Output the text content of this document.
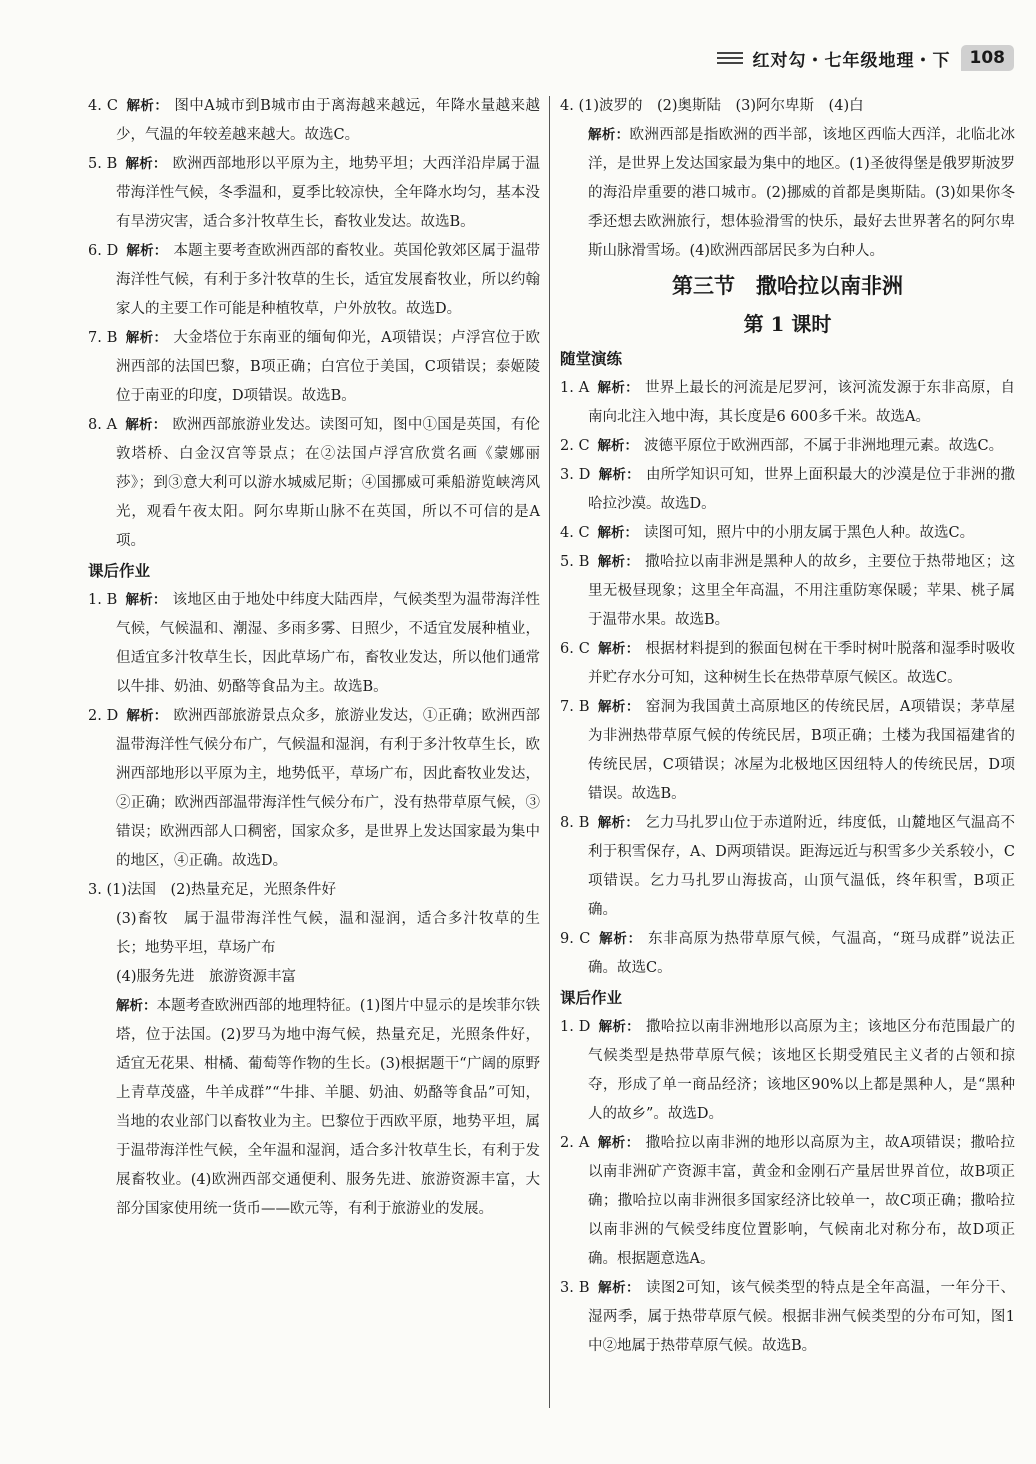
红对勾・七年级地理・下	108

4. C 解析： 图中A城市到B城市由于离海越来越远，年降水量越来越少，气温的年较差越来越大。故选C。

5. B 解析： 欧洲西部地形以平原为主，地势平坦；大西洋沿岸属于温带海洋性气候，冬季温和，夏季比较凉快，全年降水均匀，基本没有旱涝灾害，适合多汁牧草生长，畜牧业发达。故选B。

6. D 解析： 本题主要考查欧洲西部的畜牧业。英国伦敦郊区属于温带海洋性气候，有利于多汁牧草的生长，适宜发展畜牧业，所以约翰家人的主要工作可能是种植牧草，户外放牧。故选D。

7. B 解析： 大金塔位于东南亚的缅甸仰光，A项错误；卢浮宫位于欧洲西部的法国巴黎，B项正确；白宫位于美国，C项错误；泰姬陵位于南亚的印度，D项错误。故选B。

8. A 解析： 欧洲西部旅游业发达。读图可知，图中①国是英国，有伦敦塔桥、白金汉宫等景点；在②法国卢浮宫欣赏名画《蒙娜丽莎》；到③意大利可以游水城威尼斯；④国挪威可乘船游览峡湾风光，观看午夜太阳。阿尔卑斯山脉不在英国，所以不可信的是A项。

课后作业

1. B 解析： 该地区由于地处中纬度大陆西岸，气候类型为温带海洋性气候，气候温和、潮湿、多雨多雾、日照少，不适宜发展种植业，但适宜多汁牧草生长，因此草场广布，畜牧业发达，所以他们通常以牛排、奶油、奶酪等食品为主。故选B。

2. D 解析： 欧洲西部旅游景点众多，旅游业发达，①正确；欧洲西部温带海洋性气候分布广，气候温和湿润，有利于多汁牧草生长，欧洲西部地形以平原为主，地势低平，草场广布，因此畜牧业发达，②正确；欧洲西部温带海洋性气候分布广，没有热带草原气候，③错误；欧洲西部人口稠密，国家众多，是世界上发达国家最为集中的地区，④正确。故选D。

3. (1)法国　(2)热量充足，光照条件好

(3)畜牧　属于温带海洋性气候，温和湿润，适合多汁牧草的生长；地势平坦，草场广布

(4)服务先进　旅游资源丰富

解析：本题考查欧洲西部的地理特征。(1)图片中显示的是埃菲尔铁塔，位于法国。(2)罗马为地中海气候，热量充足，光照条件好，适宜无花果、柑橘、葡萄等作物的生长。(3)根据题干“广阔的原野上青草茂盛，牛羊成群”“牛排、羊腿、奶油、奶酪等食品”可知，当地的农业部门以畜牧业为主。巴黎位于西欧平原，地势平坦，属于温带海洋性气候，全年温和湿润，适合多汁牧草生长，有利于发展畜牧业。(4)欧洲西部交通便利、服务先进、旅游资源丰富，大部分国家使用统一货币——欧元等，有利于旅游业的发展。

4. (1)波罗的　(2)奥斯陆　(3)阿尔卑斯　(4)白

解析：欧洲西部是指欧洲的西半部，该地区西临大西洋，北临北冰洋，是世界上发达国家最为集中的地区。(1)圣彼得堡是俄罗斯波罗的海沿岸重要的港口城市。(2)挪威的首都是奥斯陆。(3)如果你冬季还想去欧洲旅行，想体验滑雪的快乐，最好去世界著名的阿尔卑斯山脉滑雪场。(4)欧洲西部居民多为白种人。

第三节　撒哈拉以南非洲

第 1 课时

随堂演练

1. A 解析： 世界上最长的河流是尼罗河，该河流发源于东非高原，自南向北注入地中海，其长度是6 600多千米。故选A。

2. C 解析： 波德平原位于欧洲西部，不属于非洲地理元素。故选C。

3. D 解析： 由所学知识可知，世界上面积最大的沙漠是位于非洲的撒哈拉沙漠。故选D。

4. C 解析： 读图可知，照片中的小朋友属于黑色人种。故选C。

5. B 解析： 撒哈拉以南非洲是黑种人的故乡，主要位于热带地区；这里无极昼现象；这里全年高温，不用注重防寒保暖；苹果、桃子属于温带水果。故选B。

6. C 解析： 根据材料提到的猴面包树在干季时树叶脱落和湿季时吸收并贮存水分可知，这种树生长在热带草原气候区。故选C。

7. B 解析： 窑洞为我国黄土高原地区的传统民居，A项错误；茅草屋为非洲热带草原气候的传统民居，B项正确；土楼为我国福建省的传统民居，C项错误；冰屋为北极地区因纽特人的传统民居，D项错误。故选B。

8. B 解析： 乞力马扎罗山位于赤道附近，纬度低，山麓地区气温高不利于积雪保存，A、D两项错误。距海远近与积雪多少关系较小，C项错误。乞力马扎罗山海拔高，山顶气温低，终年积雪，B项正确。

9. C 解析： 东非高原为热带草原气候，气温高，“斑马成群”说法正确。故选C。

课后作业

1. D 解析： 撒哈拉以南非洲地形以高原为主；该地区分布范围最广的气候类型是热带草原气候；该地区长期受殖民主义者的占领和掠夺，形成了单一商品经济；该地区90%以上都是黑种人，是“黑种人的故乡”。故选D。

2. A 解析： 撒哈拉以南非洲的地形以高原为主，故A项错误；撒哈拉以南非洲矿产资源丰富，黄金和金刚石产量居世界首位，故B项正确；撒哈拉以南非洲很多国家经济比较单一，故C项正确；撒哈拉以南非洲的气候受纬度位置影响，气候南北对称分布，故D项正确。根据题意选A。

3. B 解析： 读图2可知，该气候类型的特点是全年高温，一年分干、湿两季，属于热带草原气候。根据非洲气候类型的分布可知，图1中②地属于热带草原气候。故选B。
